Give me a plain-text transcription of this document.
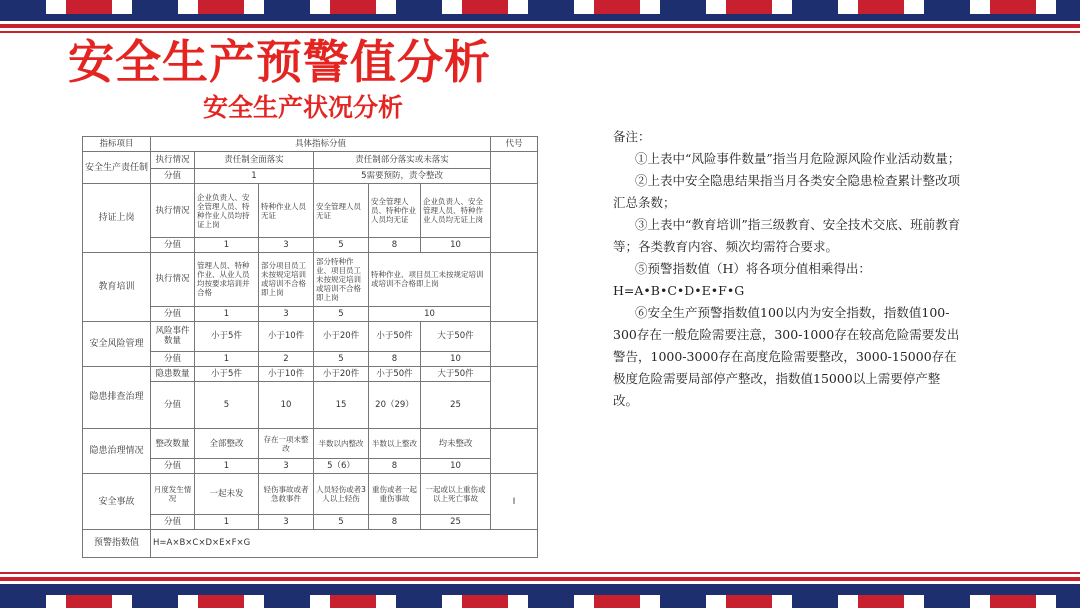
安全生产预警值分析
安全生产状况分析
指标项目	具体指标分值						代号
安全生产责任制	执行情况	责任制全面落实		责任制部分落实或未落实			
	分值	1		5需要预防，责令整改			
持证上岗	执行情况	企业负责人、安全管理人员、特种作业人员均持证上岗	特种作业人员无证	安全管理人员无证	安全管理人员、特种作业人员均无证	企业负责人、安全管理人员、特种作业人员均无证上岗	
	分值	1	3	5	8	10	
教育培训	执行情况	管理人员、特种作业、从业人员均按要求培训并合格	部分项目员工未按规定培训或培训不合格即上岗	部分特种作业、项目员工未按规定培训或培训不合格即上岗	特种作业、项目员工未按规定培训或培训不合格即上岗		
	分值	1	3	5	10		
安全风险管理	风险事件数量	小于5件	小于10件	小于20件	小于50件	大于50件	
	分值	1	2	5	8	10	
隐患排查治理	隐患数量	小于5件	小于10件	小于20件	小于50件	大于50件	
	分值	5	10	15	20（29）	25	
隐患治理情况	整改数量	全部整改	存在一项未整改	半数以内整改	半数以上整改	均未整改	
	分值	1	3	5（6）	8	10	
安全事故	月度发生情况	一起未发	轻伤事故或者急救事件	人员轻伤或者3人以上轻伤	重伤或者一起重伤事故	一起或以上重伤或以上死亡事故	I
	分值	1	3	5	8	25	
预警指数值	H=A×B×C×D×E×F×G						

备注：

①上表中“风险事件数量”指当月危险源风险作业活动数量；

②上表中安全隐患结果指当月各类安全隐患检查累计整改项汇总条数；

③上表中“教育培训”指三级教育、安全技术交底、班前教育等；各类教育内容、频次均需符合要求。

⑤预警指数值（H）将各项分值相乘得出：H=A•B•C•D•E•F•G

⑥安全生产预警指数值100以内为安全指数，指数值100-300存在一般危险需要注意，300-1000存在较高危险需要发出警告，1000-3000存在高度危险需要整改，3000-15000存在极度危险需要局部停产整改，指数值15000以上需要停产整改。
